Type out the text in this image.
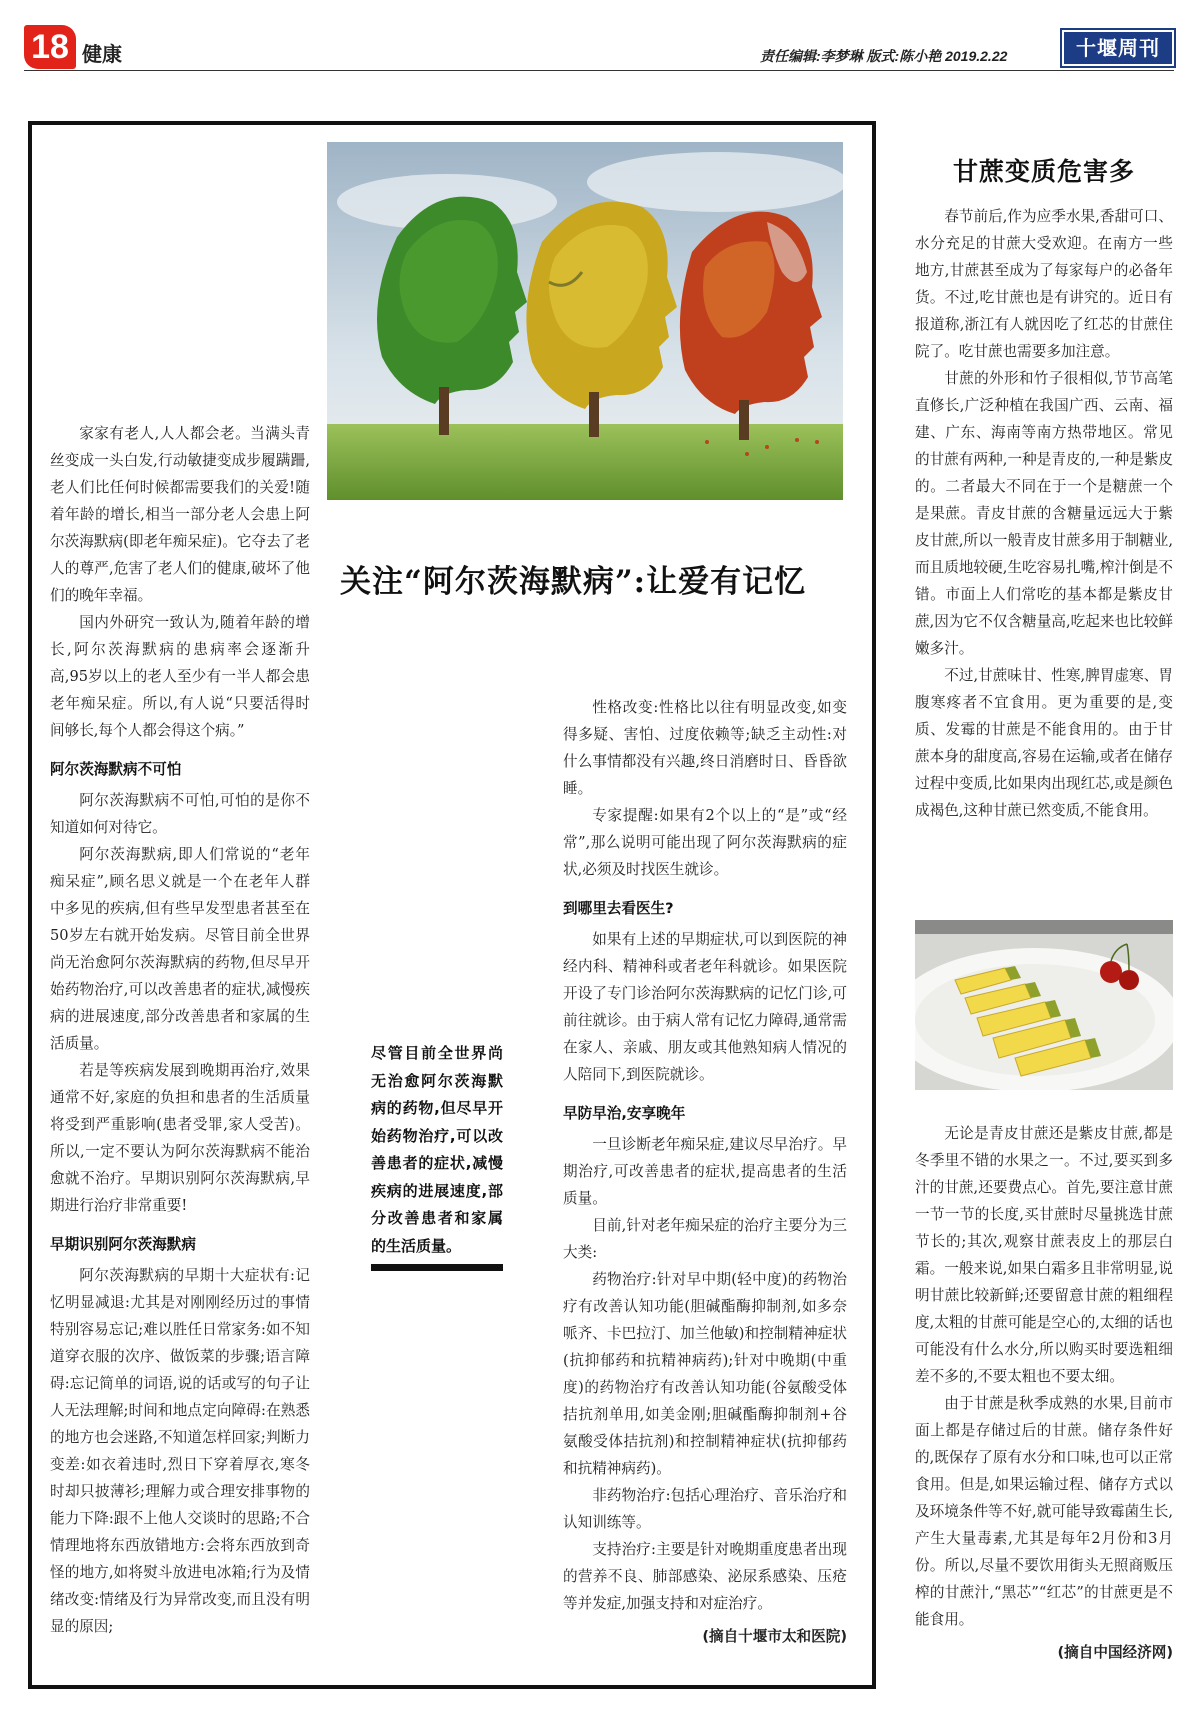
18 健康	责任编辑:李梦琳 版式:陈小艳 2019.2.22	十堰周刊
关注“阿尔茨海默病”:让爱有记忆

家家有老人,人人都会老。当满头青丝变成一头白发,行动敏捷变成步履蹒跚,老人们比任何时候都需要我们的关爱!随着年龄的增长,相当一部分老人会患上阿尔茨海默病(即老年痴呆症)。它夺去了老人的尊严,危害了老人们的健康,破坏了他们的晚年幸福。

国内外研究一致认为,随着年龄的增长,阿尔茨海默病的患病率会逐渐升高,95岁以上的老人至少有一半人都会患老年痴呆症。所以,有人说“只要活得时间够长,每个人都会得这个病。”

阿尔茨海默病不可怕

阿尔茨海默病不可怕,可怕的是你不知道如何对待它。

阿尔茨海默病,即人们常说的“老年痴呆症”,顾名思义就是一个在老年人群中多见的疾病,但有些早发型患者甚至在50岁左右就开始发病。尽管目前全世界尚无治愈阿尔茨海默病的药物,但尽早开始药物治疗,可以改善患者的症状,减慢疾病的进展速度,部分改善患者和家属的生活质量。

若是等疾病发展到晚期再治疗,效果通常不好,家庭的负担和患者的生活质量将受到严重影响(患者受罪,家人受苦)。所以,一定不要认为阿尔茨海默病不能治愈就不治疗。早期识别阿尔茨海默病,早期进行治疗非常重要!

早期识别阿尔茨海默病

阿尔茨海默病的早期十大症状有:记忆明显减退:尤其是对刚刚经历过的事情特别容易忘记;难以胜任日常家务:如不知道穿衣服的次序、做饭菜的步骤;语言障碍:忘记简单的词语,说的话或写的句子让人无法理解;时间和地点定向障碍:在熟悉的地方也会迷路,不知道怎样回家;判断力变差:如衣着违时,烈日下穿着厚衣,寒冬时却只披薄衫;理解力或合理安排事物的能力下降:跟不上他人交谈时的思路;不合情理地将东西放错地方:会将东西放到奇怪的地方,如将熨斗放进电冰箱;行为及情绪改变:情绪及行为异常改变,而且没有明显的原因;

尽管目前全世界尚无治愈阿尔茨海默病的药物,但尽早开始药物治疗,可以改善患者的症状,减慢疾病的进展速度,部分改善患者和家属的生活质量。

性格改变:性格比以往有明显改变,如变得多疑、害怕、过度依赖等;缺乏主动性:对什么事情都没有兴趣,终日消磨时日、昏昏欲睡。

专家提醒:如果有2个以上的“是”或“经常”,那么说明可能出现了阿尔茨海默病的症状,必须及时找医生就诊。

到哪里去看医生?

如果有上述的早期症状,可以到医院的神经内科、精神科或者老年科就诊。如果医院开设了专门诊治阿尔茨海默病的记忆门诊,可前往就诊。由于病人常有记忆力障碍,通常需在家人、亲戚、朋友或其他熟知病人情况的人陪同下,到医院就诊。

早防早治,安享晚年

一旦诊断老年痴呆症,建议尽早治疗。早期治疗,可改善患者的症状,提高患者的生活质量。

目前,针对老年痴呆症的治疗主要分为三大类:

药物治疗:针对早中期(轻中度)的药物治疗有改善认知功能(胆碱酯酶抑制剂,如多奈哌齐、卡巴拉汀、加兰他敏)和控制精神症状(抗抑郁药和抗精神病药);针对中晚期(中重度)的药物治疗有改善认知功能(谷氨酸受体拮抗剂单用,如美金刚;胆碱酯酶抑制剂+谷氨酸受体拮抗剂)和控制精神症状(抗抑郁药和抗精神病药)。

非药物治疗:包括心理治疗、音乐治疗和认知训练等。

支持治疗:主要是针对晚期重度患者出现的营养不良、肺部感染、泌尿系感染、压疮等并发症,加强支持和对症治疗。

(摘自十堰市太和医院)
甘蔗变质危害多

春节前后,作为应季水果,香甜可口、水分充足的甘蔗大受欢迎。在南方一些地方,甘蔗甚至成为了每家每户的必备年货。不过,吃甘蔗也是有讲究的。近日有报道称,浙江有人就因吃了红芯的甘蔗住院了。吃甘蔗也需要多加注意。

甘蔗的外形和竹子很相似,节节高笔直修长,广泛种植在我国广西、云南、福建、广东、海南等南方热带地区。常见的甘蔗有两种,一种是青皮的,一种是紫皮的。二者最大不同在于一个是糖蔗一个是果蔗。青皮甘蔗的含糖量远远大于紫皮甘蔗,所以一般青皮甘蔗多用于制糖业,而且质地较硬,生吃容易扎嘴,榨汁倒是不错。市面上人们常吃的基本都是紫皮甘蔗,因为它不仅含糖量高,吃起来也比较鲜嫩多汁。

不过,甘蔗味甘、性寒,脾胃虚寒、胃腹寒疼者不宜食用。更为重要的是,变质、发霉的甘蔗是不能食用的。由于甘蔗本身的甜度高,容易在运输,或者在储存过程中变质,比如果肉出现红芯,或是颜色成褐色,这种甘蔗已然变质,不能食用。

无论是青皮甘蔗还是紫皮甘蔗,都是冬季里不错的水果之一。不过,要买到多汁的甘蔗,还要费点心。首先,要注意甘蔗一节一节的长度,买甘蔗时尽量挑选甘蔗节长的;其次,观察甘蔗表皮上的那层白霜。一般来说,如果白霜多且非常明显,说明甘蔗比较新鲜;还要留意甘蔗的粗细程度,太粗的甘蔗可能是空心的,太细的话也可能没有什么水分,所以购买时要选粗细差不多的,不要太粗也不要太细。

由于甘蔗是秋季成熟的水果,目前市面上都是存储过后的甘蔗。储存条件好的,既保存了原有水分和口味,也可以正常食用。但是,如果运输过程、储存方式以及环境条件等不好,就可能导致霉菌生长,产生大量毒素,尤其是每年2月份和3月份。所以,尽量不要饮用街头无照商贩压榨的甘蔗汁,“黑芯”“红芯”的甘蔗更是不能食用。

(摘自中国经济网)
